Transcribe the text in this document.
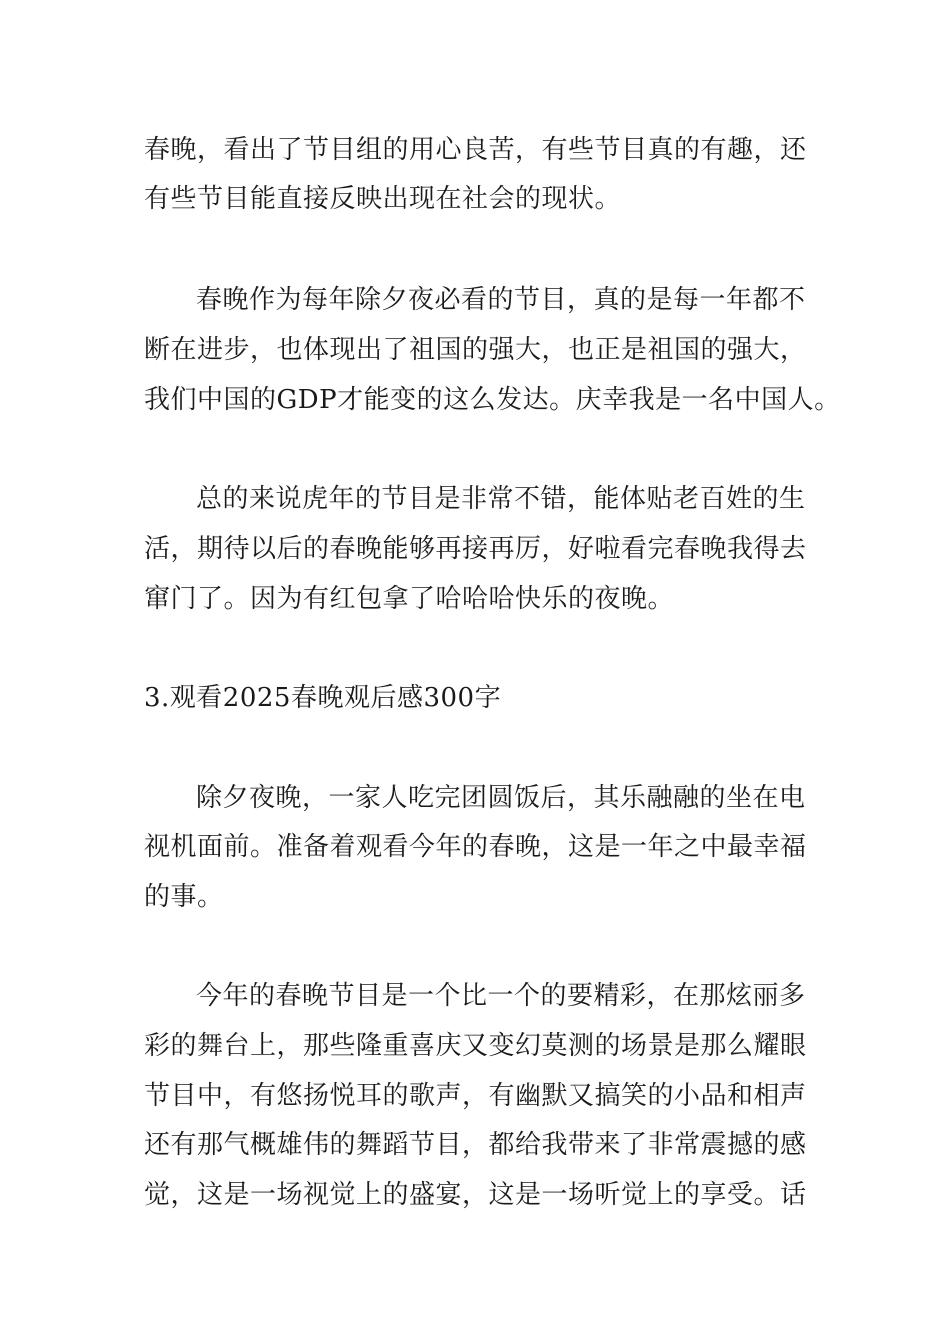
春晚，看出了节目组的用心良苦，有些节目真的有趣，还
有些节目能直接反映出现在社会的现状。
春晚作为每年除夕夜必看的节目，真的是每一年都不
断在进步，也体现出了祖国的强大，也正是祖国的强大，
我们中国的GDP才能变的这么发达。庆幸我是一名中国人。
总的来说虎年的节目是非常不错，能体贴老百姓的生
活，期待以后的春晚能够再接再厉，好啦看完春晚我得去
窜门了。因为有红包拿了哈哈哈快乐的夜晚。
3.观看2025春晚观后感300字
除夕夜晚，一家人吃完团圆饭后，其乐融融的坐在电
视机面前。准备着观看今年的春晚，这是一年之中最幸福
的事。
今年的春晚节目是一个比一个的要精彩，在那炫丽多
彩的舞台上，那些隆重喜庆又变幻莫测的场景是那么耀眼
节目中，有悠扬悦耳的歌声，有幽默又搞笑的小品和相声
还有那气概雄伟的舞蹈节目，都给我带来了非常震撼的感
觉，这是一场视觉上的盛宴，这是一场听觉上的享受。话
